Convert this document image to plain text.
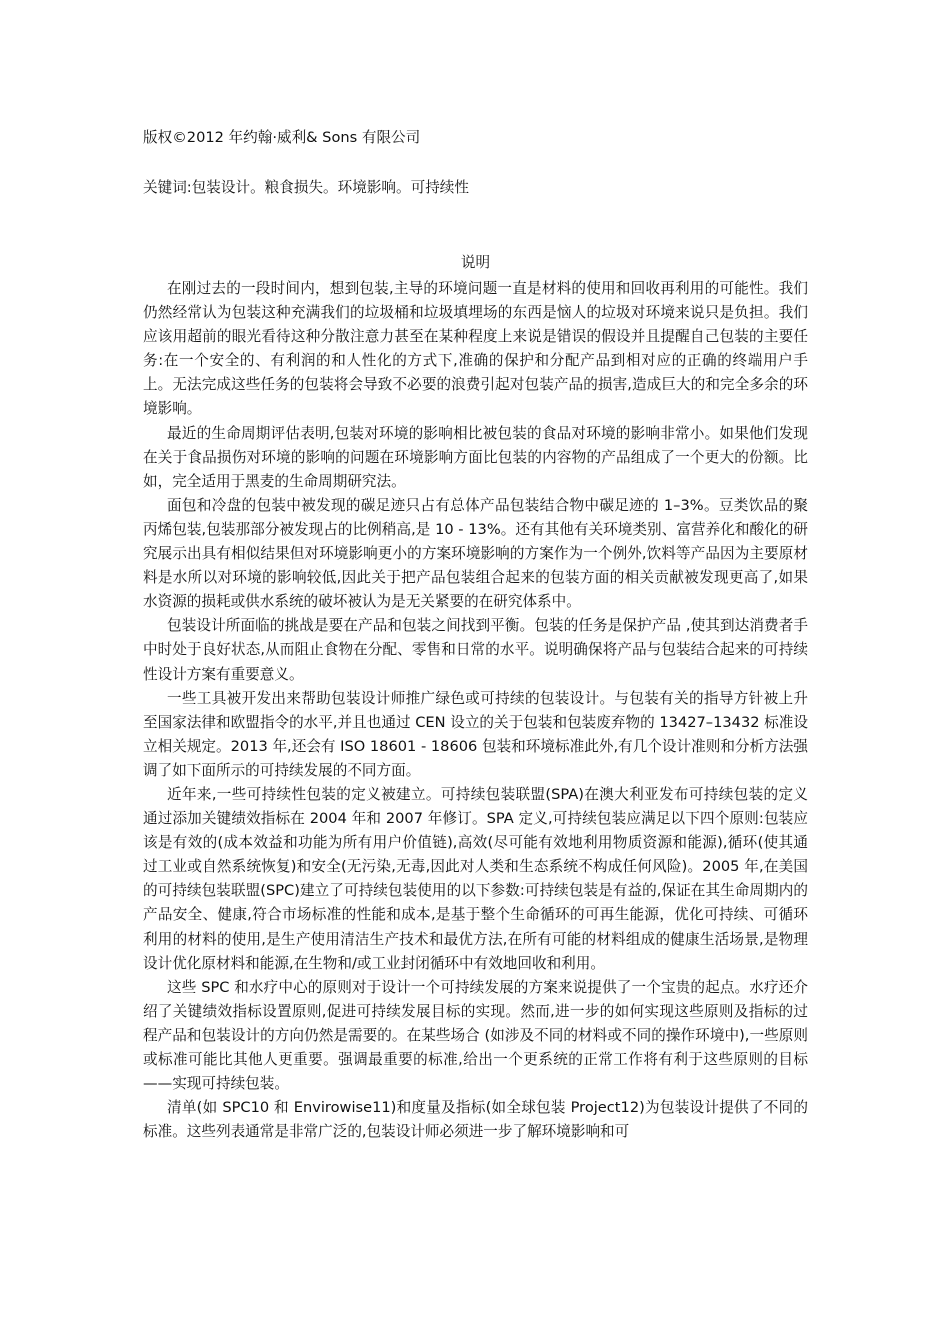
版权©2012 年约翰·威利& Sons 有限公司

关键词:包装设计。粮食损失。环境影响。可持续性

说明

在刚过去的一段时间内，想到包装,主导的环境问题一直是材料的使用和回收再利用的可能性。我们仍然经常认为包装这种充满我们的垃圾桶和垃圾填埋场的东西是恼人的垃圾对环境来说只是负担。我们应该用超前的眼光看待这种分散注意力甚至在某种程度上来说是错误的假设并且提醒自己包装的主要任务:在一个安全的、有利润的和人性化的方式下,准确的保护和分配产品到相对应的正确的终端用户手上。无法完成这些任务的包装将会导致不必要的浪费引起对包装产品的损害,造成巨大的和完全多余的环境影响。

最近的生命周期评估表明,包装对环境的影响相比被包装的食品对环境的影响非常小。如果他们发现在关于食品损伤对环境的影响的问题在环境影响方面比包装的内容物的产品组成了一个更大的份额。比如，完全适用于黑麦的生命周期研究法。

面包和冷盘的包装中被发现的碳足迹只占有总体产品包装结合物中碳足迹的 1–3%。豆类饮品的聚丙烯包装,包装那部分被发现占的比例稍高,是 10 - 13%。还有其他有关环境类别、富营养化和酸化的研究展示出具有相似结果但对环境影响更小的方案环境影响的方案作为一个例外,饮料等产品因为主要原材料是水所以对环境的影响较低,因此关于把产品包装组合起来的包装方面的相关贡献被发现更高了,如果水资源的损耗或供水系统的破坏被认为是无关紧要的在研究体系中。

包装设计所面临的挑战是要在产品和包装之间找到平衡。包装的任务是保护产品 ,使其到达消费者手中时处于良好状态,从而阻止食物在分配、零售和日常的水平。说明确保将产品与包装结合起来的可持续性设计方案有重要意义。

一些工具被开发出来帮助包装设计师推广绿色或可持续的包装设计。与包装有关的指导方针被上升至国家法律和欧盟指令的水平,并且也通过 CEN 设立的关于包装和包装废弃物的 13427–13432 标准设立相关规定。2013 年,还会有 ISO 18601 - 18606 包装和环境标准此外,有几个设计准则和分析方法强调了如下面所示的可持续发展的不同方面。

近年来,一些可持续性包装的定义被建立。可持续包装联盟(SPA)在澳大利亚发布可持续包装的定义通过添加关键绩效指标在 2004 年和 2007 年修订。SPA 定义,可持续包装应满足以下四个原则:包装应该是有效的(成本效益和功能为所有用户价值链),高效(尽可能有效地利用物质资源和能源),循环(使其通过工业或自然系统恢复)和安全(无污染,无毒,因此对人类和生态系统不构成任何风险)。2005 年,在美国的可持续包装联盟(SPC)建立了可持续包装使用的以下参数:可持续包装是有益的,保证在其生命周期内的产品安全、健康,符合市场标准的性能和成本,是基于整个生命循环的可再生能源，优化可持续、可循环利用的材料的使用,是生产使用清洁生产技术和最优方法,在所有可能的材料组成的健康生活场景,是物理设计优化原材料和能源,在生物和/或工业封闭循环中有效地回收和利用。

这些 SPC 和水疗中心的原则对于设计一个可持续发展的方案来说提供了一个宝贵的起点。水疗还介绍了关键绩效指标设置原则,促进可持续发展目标的实现。然而,进一步的如何实现这些原则及指标的过程产品和包装设计的方向仍然是需要的。在某些场合 (如涉及不同的材料或不同的操作环境中),一些原则或标准可能比其他人更重要。强调最重要的标准,给出一个更系统的正常工作将有利于这些原则的目标——实现可持续包装。

清单(如 SPC10 和 Envirowise11)和度量及指标(如全球包装 Project12)为包装设计提供了不同的标准。这些列表通常是非常广泛的,包装设计师必须进一步了解环境影响和可
